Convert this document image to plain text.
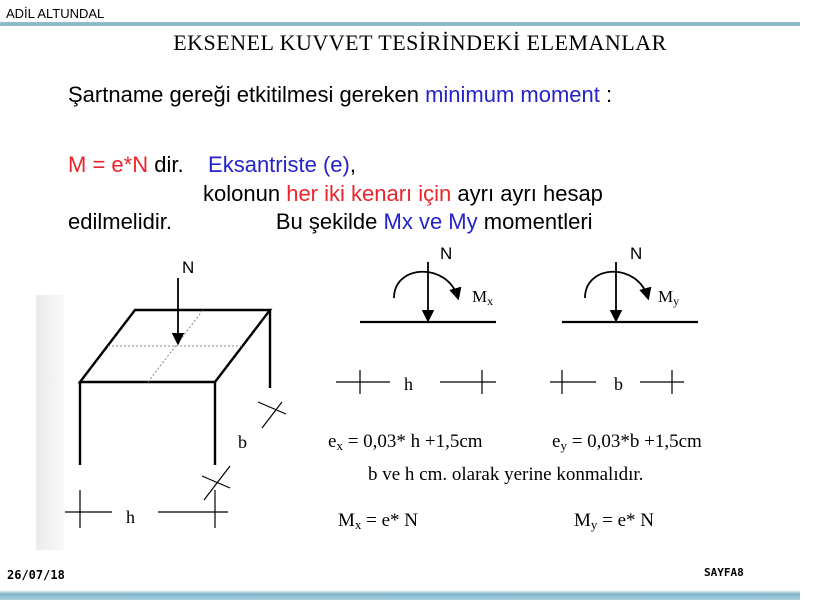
ADİL ALTUNDAL
EKSENEL KUVVET TESİRİNDEKİ ELEMANLAR
Şartname gereği etkitilmesi gereken minimum moment :
M = e*N dir. Eksantriste (e),
kolonun her iki kenarı için ayrı ayrı hesap
edilmelidir.	Bu şekilde Mx ve My momentleri
N
h
b
N
Mx
h
N
My
b
ex = 0,03* h +1,5cm	ey = 0,03*b +1,5cm
b ve h cm. olarak yerine konmalıdır.
Mx = e* N	My = e* N
26/07/18	SAYFA8
